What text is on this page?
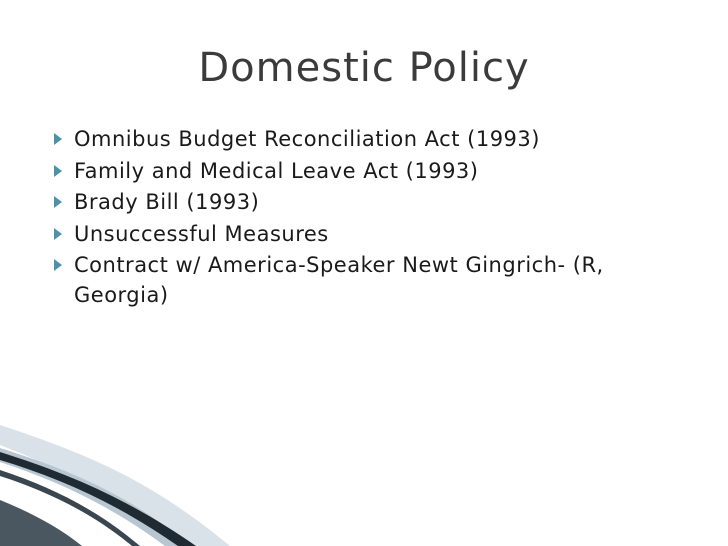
Domestic Policy
Omnibus Budget Reconciliation Act (1993)
Family and Medical Leave Act (1993)
Brady Bill (1993)
Unsuccessful Measures
Contract w/ America-Speaker Newt Gingrich- (R, Georgia)
